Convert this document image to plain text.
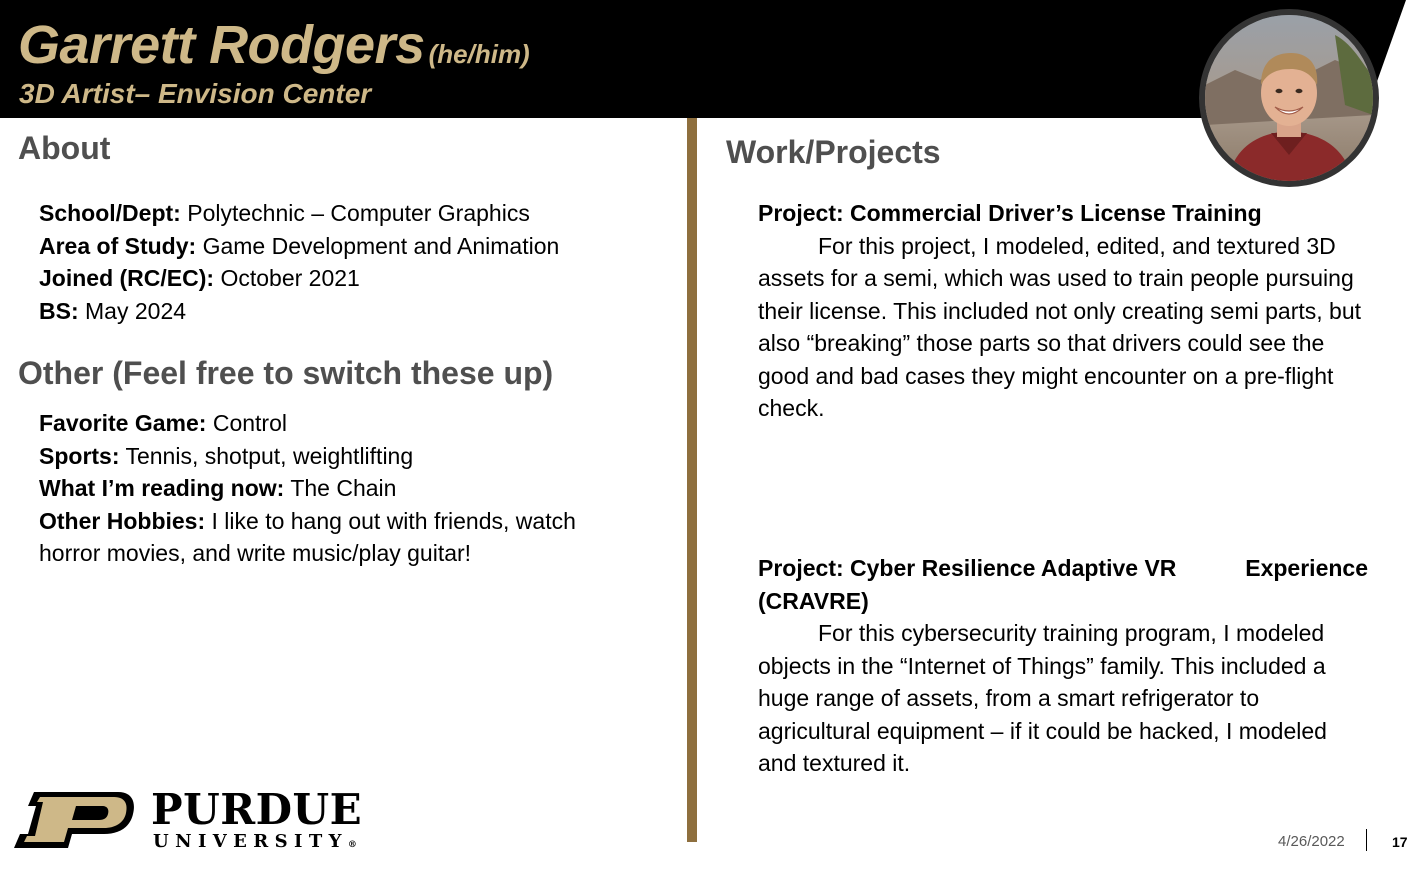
Garrett Rodgers (he/him)
3D Artist– Envision Center
About
School/Dept: Polytechnic – Computer Graphics
Area of Study: Game Development and Animation
Joined (RC/EC): October 2021
BS: May 2024
Other (Feel free to switch these up)
Favorite Game: Control
Sports: Tennis, shotput, weightlifting
What I’m reading now: The Chain
Other Hobbies: I like to hang out with friends, watch horror movies, and write music/play guitar!
Work/Projects
Project: Commercial Driver’s License Training
For this project, I modeled, edited, and textured 3D assets for a semi, which was used to train people pursuing their license. This included not only creating semi parts, but also “breaking” those parts so that drivers could see the good and bad cases they might encounter on a pre-flight check.
Project: Cyber Resilience Adaptive VR	Experience
(CRAVRE)
For this cybersecurity training program, I modeled objects in the “Internet of Things” family. This included a huge range of assets, from a smart refrigerator to agricultural equipment – if it could be hacked, I modeled and textured it.
PURDUE
UNIVERSITY®	4/26/2022	17
